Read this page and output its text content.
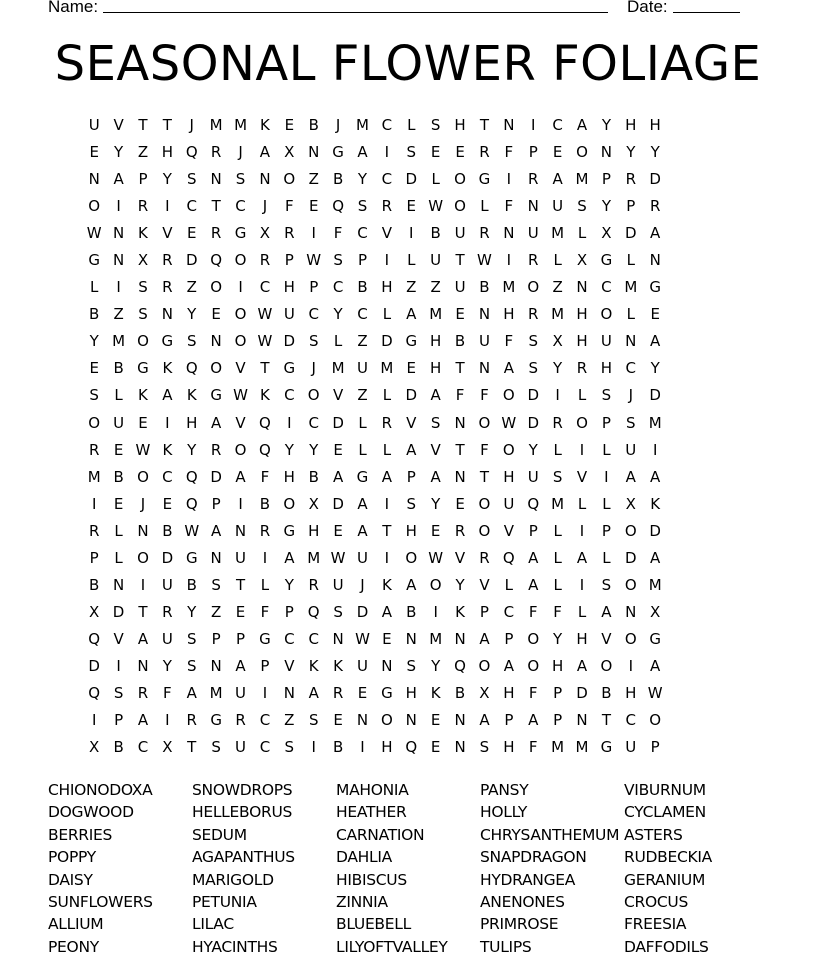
Name:	Date:
SEASONAL FLOWER FOLIAGE
U V T	T	J	M M K E B	J	M C L	S H T N	I	C A Y H H
E	Y Z H Q R	J	A X N G A	I	S E E R F	P	E O N Y	Y
N A P	Y	S N S N O Z B Y C D L O G	I	R A M P R D
O	I	R	I	C T C	J	F	E Q S R E W O L	F N U S	Y	P R
W N K V E R G X R	I	F C V	I	B U R N U M L	X D A
G N X R D Q O R P W S	P	I	L U T W I	R	L	X G L N
L	I	S R Z O	I	C H P C B H Z Z U B M O Z N C M G
B Z S N Y	E O W U C Y C L	A M E N H R M H O L	E
Y M O G S N O W D S	L	Z D G H B U F	S X H U N A
E B G K Q O V T G	J	M U M E H T N A S	Y R H C Y
S	L	K A K G W K C O V Z	L D A F	F O D	I	L	S	J	D
O U E	I	H A V Q	I	C D L R V S N O W D R O P	S M
R E W K Y R O Q Y	Y	E	L	L	A V T	F O Y	L	I	L U	I
M B O C Q D A F H B A G A P A N T H U S V	I	A A
I	E	J	E Q P	I	B O X D A	I	S	Y	E O U Q M L	L	X K
R	L N B W A N R G H E A T H E R O V P	L	I	P O D
P	L O D G N U	I	A M W U	I	O W V R Q A	L	A	L D A
B N	I	U B S	T	L	Y R U	J	K A O Y V	L	A	L	I	S O M
X D T R Y Z E	F	P Q S D A B	I	K P C F	F	L	A N X
Q V A U S	P	P G C C N W E N M N A P O Y H V O G
D	I	N Y	S N A P V K K U N S	Y Q O A O H A O	I	A
Q S R F A M U	I	N A R E G H K B X H F	P D B H W
I	P A	I	R G R C Z S E N O N E N A P A P N T C O
X B C X T	S U C S	I	B	I	H Q E N S H F M M G U P
CHIONODOXA
DOGWOOD
BERRIES
POPPY
DAISY
SUNFLOWERS
ALLIUM
PEONY
SNOWDROPS
HELLEBORUS
SEDUM
AGAPANTHUS
MARIGOLD
PETUNIA
LILAC
HYACINTHS
MAHONIA
HEATHER
CARNATION
DAHLIA
HIBISCUS
ZINNIA
BLUEBELL
LILYOFTVALLEY
PANSY
HOLLY
CHRYSANTHEMUM
SNAPDRAGON
HYDRANGEA
ANENONES
PRIMROSE
TULIPS
VIBURNUM
CYCLAMEN
ASTERS
RUDBECKIA
GERANIUM
CROCUS
FREESIA
DAFFODILS
